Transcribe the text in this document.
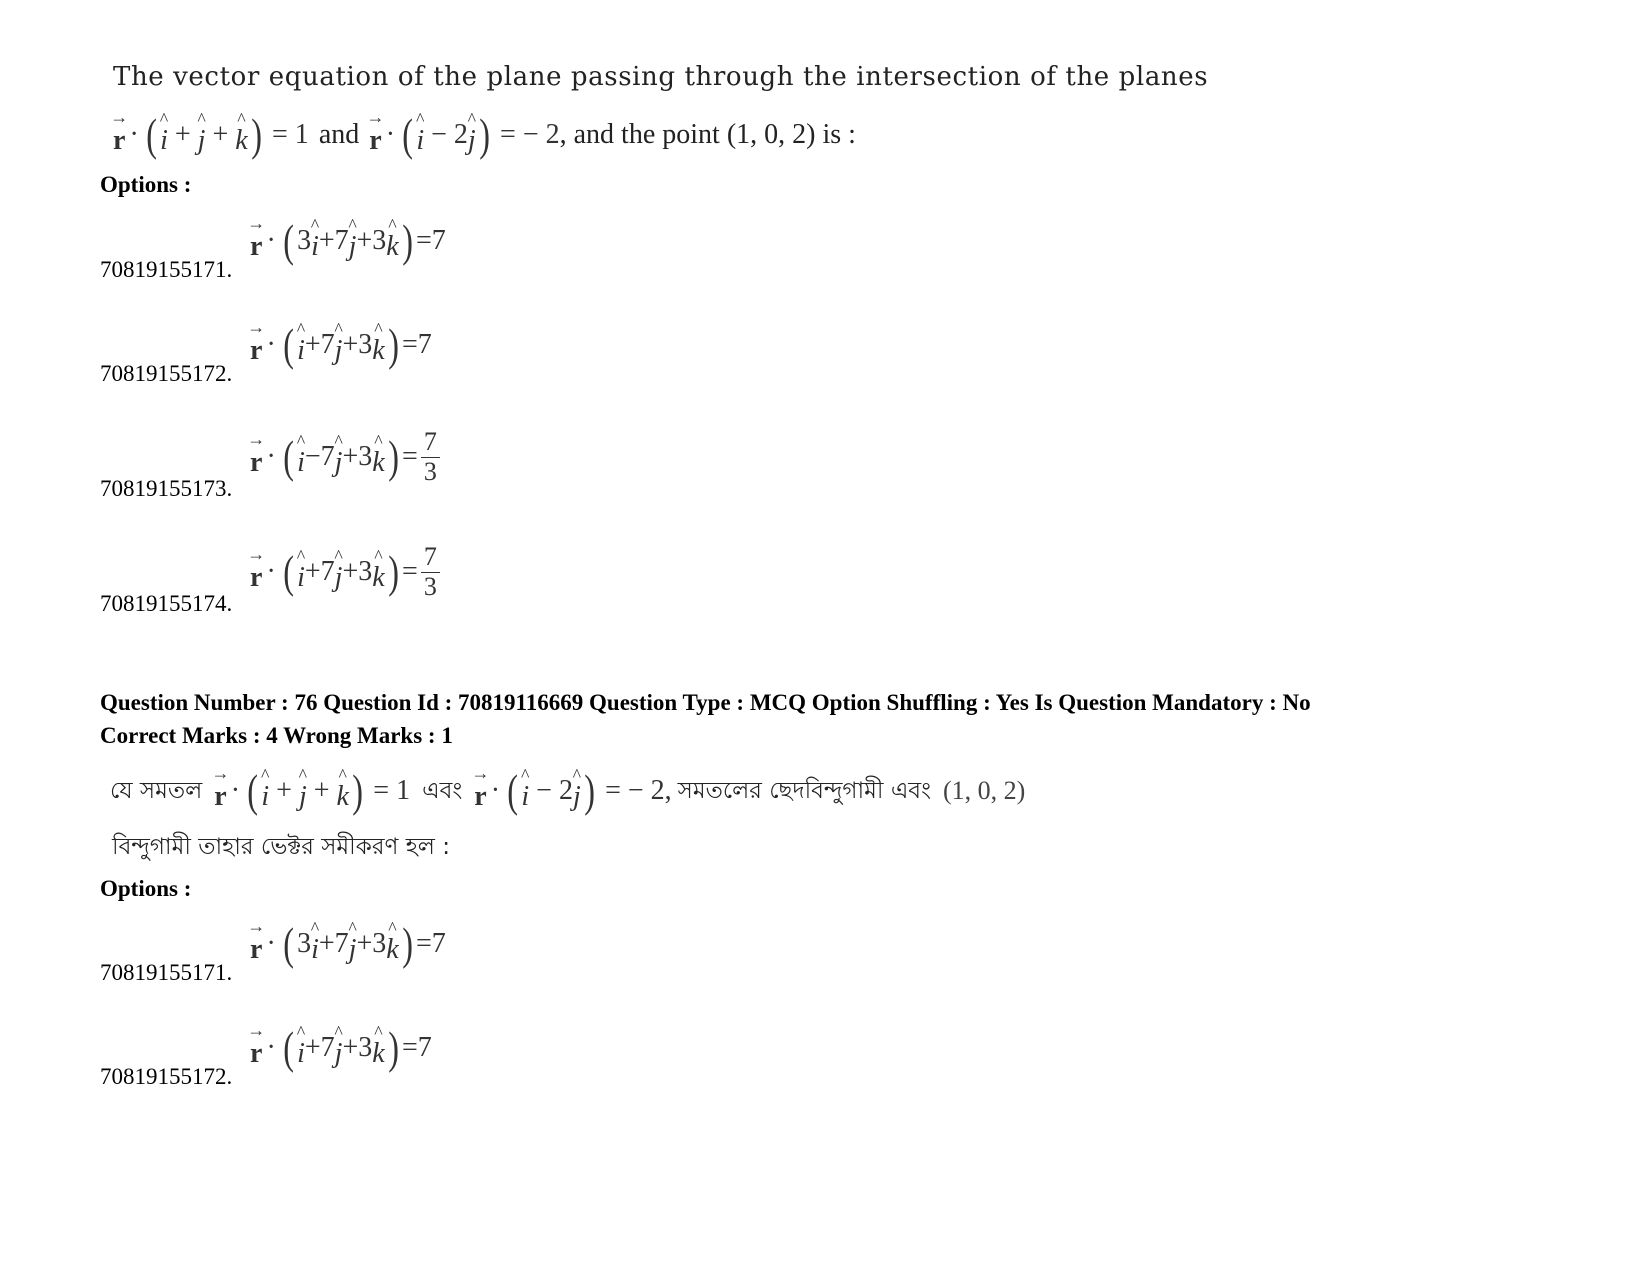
The vector equation of the plane passing through the intersection of the planes
→ r · ( ^ i + ^ j + ^ k ) = 1 and → r · ( ^ i − 2 ^ j ) = − 2 , and the point (1, 0, 2) is :
Options :
70819155171.
→ r · ( 3 ^ i +7 ^ j +3 ^ k ) =7
70819155172.
→ r · ( ^ i +7 ^ j +3 ^ k ) =7
70819155173.
→ r · ( ^ i −7 ^ j +3 ^ k ) = $\frac{7}{3}$
70819155174.
→ r · ( ^ i +7 ^ j +3 ^ k ) = $\frac{7}{3}$
Question Number : 76 Question Id : 70819116669 Question Type : MCQ Option Shuffling : Yes Is Question Mandatory : No
Correct Marks : 4 Wrong Marks : 1
যে সমতল → r · ( ^ i + ^ j + ^ k ) = 1 এবং → r · ( ^ i − 2 ^ j ) = − 2, সমতলের ছেদবিন্দুগামী এবং (1, 0, 2)
বিন্দুগামী তাহার ভেক্টর সমীকরণ হল :
Options :
70819155171.
→ r · ( 3 ^ i +7 ^ j +3 ^ k ) =7
70819155172.
→ r · ( ^ i +7 ^ j +3 ^ k ) =7
